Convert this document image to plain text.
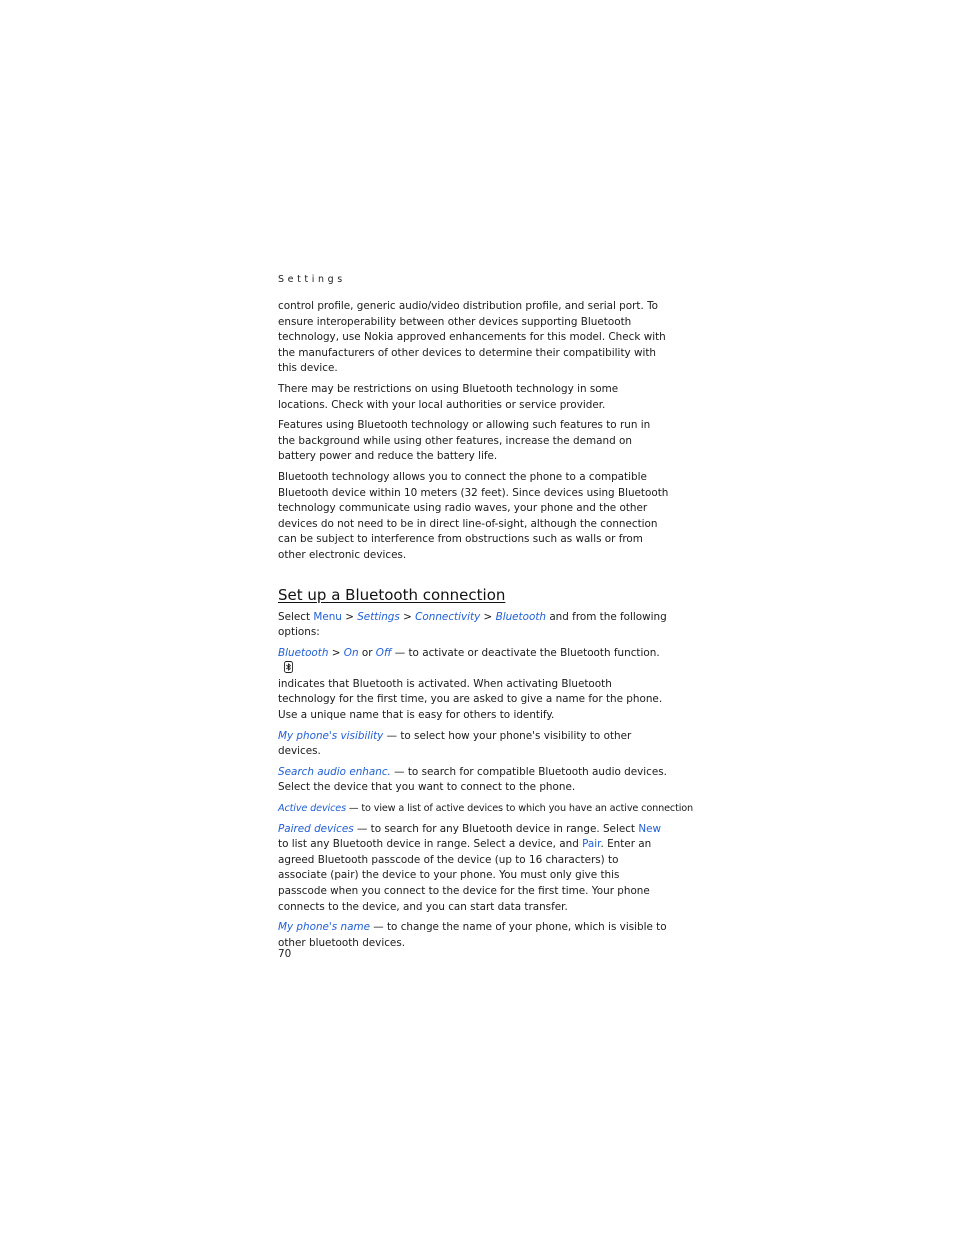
Settings

control profile, generic audio/video distribution profile, and serial port. To ensure interoperability between other devices supporting Bluetooth technology, use Nokia approved enhancements for this model. Check with the manufacturers of other devices to determine their compatibility with this device.

There may be restrictions on using Bluetooth technology in some locations. Check with your local authorities or service provider.

Features using Bluetooth technology or allowing such features to run in the background while using other features, increase the demand on battery power and reduce the battery life.

Bluetooth technology allows you to connect the phone to a compatible Bluetooth device within 10 meters (32 feet). Since devices using Bluetooth technology communicate using radio waves, your phone and the other devices do not need to be in direct line-of-sight, although the connection can be subject to interference from obstructions such as walls or from other electronic devices.

Set up a Bluetooth connection

Select Menu > Settings > Connectivity > Bluetooth and from the following options:

Bluetooth > On or Off — to activate or deactivate the Bluetooth function.
indicates that Bluetooth is activated. When activating Bluetooth technology for the first time, you are asked to give a name for the phone. Use a unique name that is easy for others to identify.

My phone's visibility — to select how your phone's visibility to other devices.

Search audio enhanc. — to search for compatible Bluetooth audio devices. Select the device that you want to connect to the phone.

Active devices — to view a list of active devices to which you have an active connection

Paired devices — to search for any Bluetooth device in range. Select New to list any Bluetooth device in range. Select a device, and Pair. Enter an agreed Bluetooth passcode of the device (up to 16 characters) to associate (pair) the device to your phone. You must only give this passcode when you connect to the device for the first time. Your phone connects to the device, and you can start data transfer.

My phone's name — to change the name of your phone, which is visible to other bluetooth devices.

70
